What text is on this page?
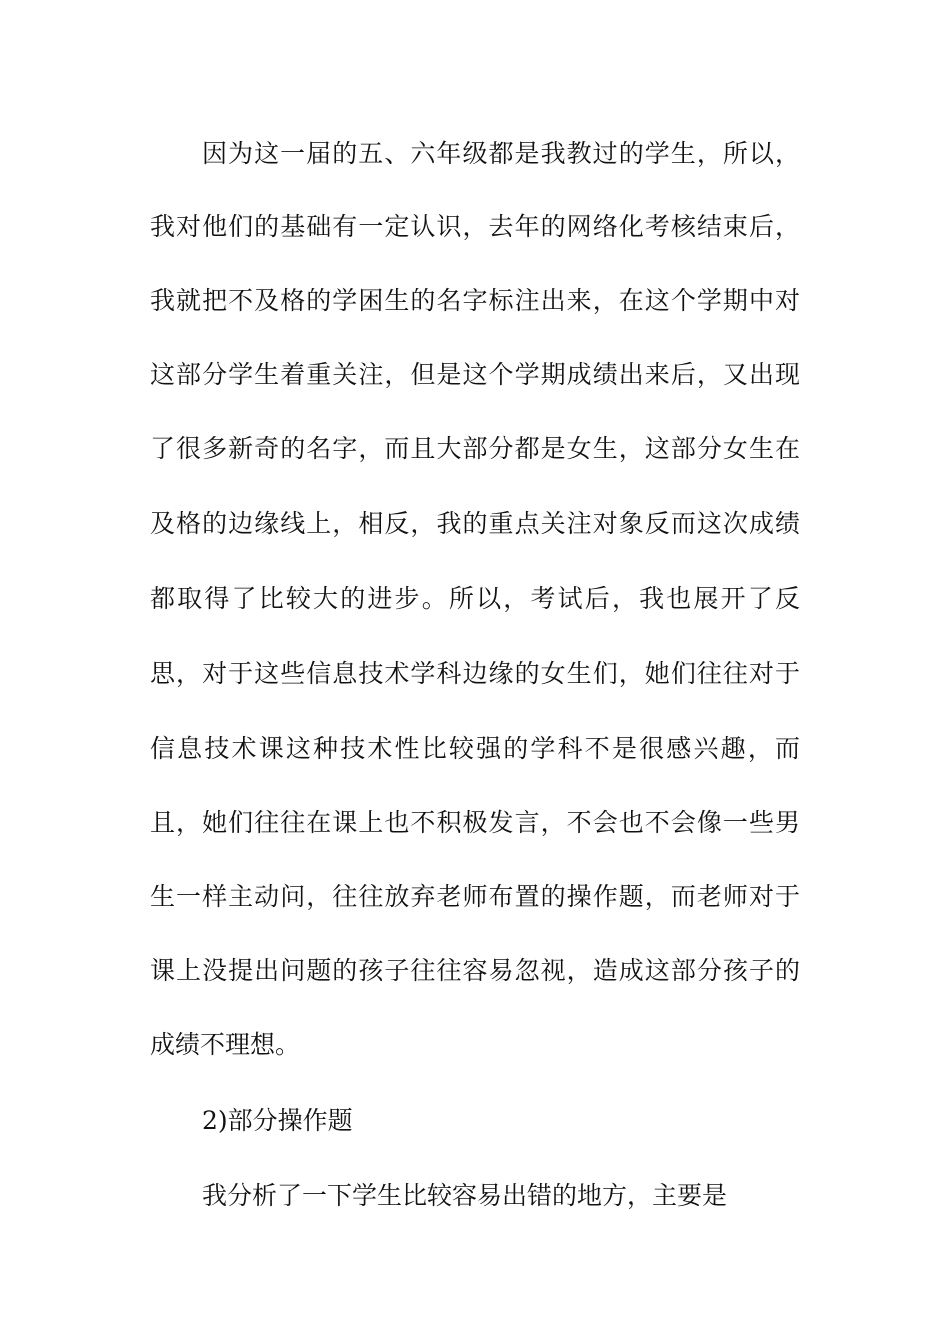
因为这一届的五、六年级都是我教过的学生，所以，
我对他们的基础有一定认识，去年的网络化考核结束后，
我就把不及格的学困生的名字标注出来，在这个学期中对
这部分学生着重关注，但是这个学期成绩出来后，又出现
了很多新奇的名字，而且大部分都是女生，这部分女生在
及格的边缘线上，相反，我的重点关注对象反而这次成绩
都取得了比较大的进步。所以，考试后，我也展开了反
思，对于这些信息技术学科边缘的女生们，她们往往对于
信息技术课这种技术性比较强的学科不是很感兴趣，而
且，她们往往在课上也不积极发言，不会也不会像一些男
生一样主动问，往往放弃老师布置的操作题，而老师对于
课上没提出问题的孩子往往容易忽视，造成这部分孩子的
成绩不理想。
2)部分操作题
我分析了一下学生比较容易出错的地方，主要是
